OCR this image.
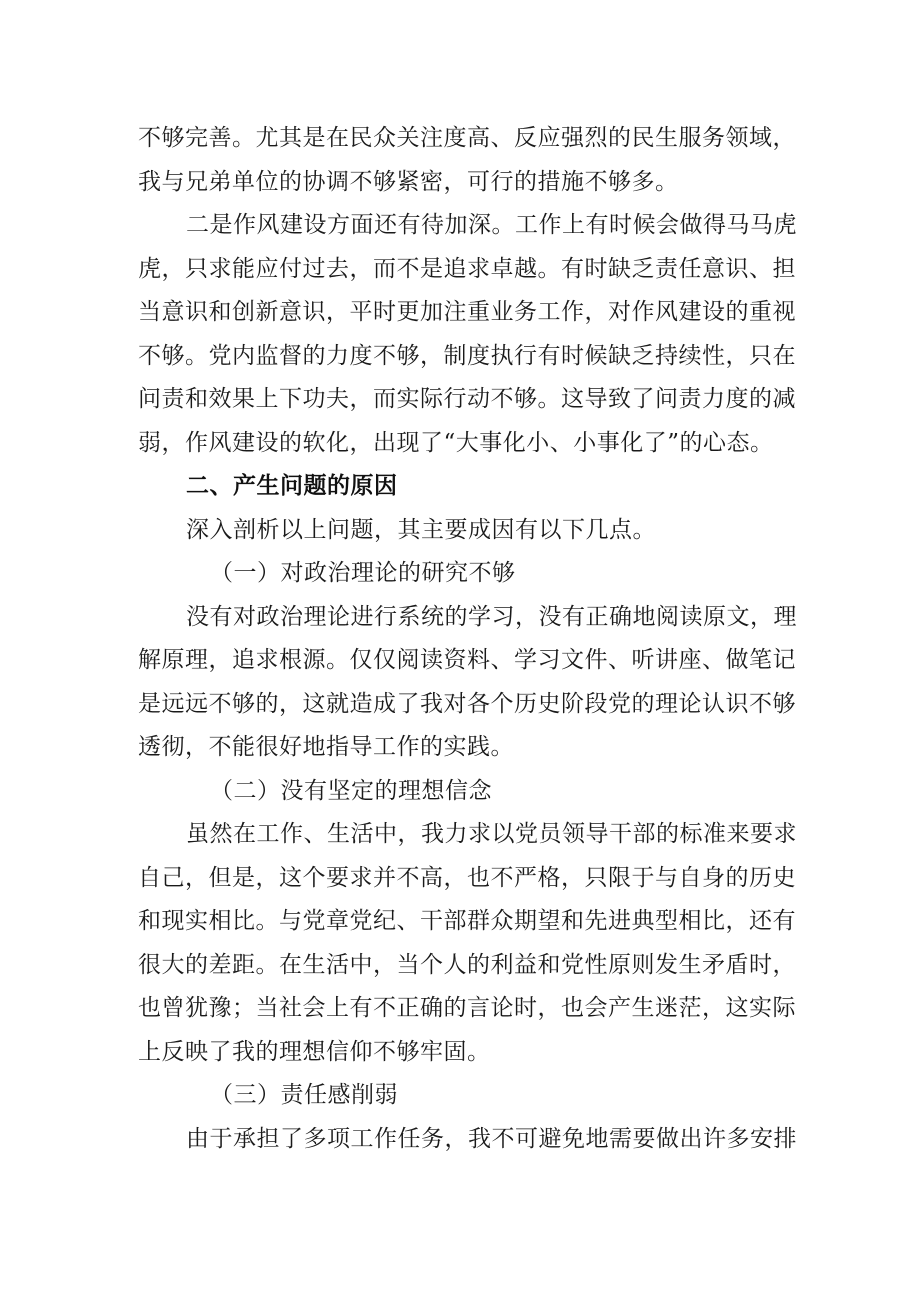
不够完善。尤其是在民众关注度高、反应强烈的民生服务领域，
我与兄弟单位的协调不够紧密，可行的措施不够多。
二是作风建设方面还有待加深。工作上有时候会做得马马虎
虎，只求能应付过去，而不是追求卓越。有时缺乏责任意识、担
当意识和创新意识，平时更加注重业务工作，对作风建设的重视
不够。党内监督的力度不够，制度执行有时候缺乏持续性，只在
问责和效果上下功夫，而实际行动不够。这导致了问责力度的减
弱，作风建设的软化，出现了“大事化小、小事化了”的心态。
二、产生问题的原因
深入剖析以上问题，其主要成因有以下几点。
（一）对政治理论的研究不够
没有对政治理论进行系统的学习，没有正确地阅读原文，理
解原理，追求根源。仅仅阅读资料、学习文件、听讲座、做笔记
是远远不够的，这就造成了我对各个历史阶段党的理论认识不够
透彻，不能很好地指导工作的实践。
（二）没有坚定的理想信念
虽然在工作、生活中，我力求以党员领导干部的标准来要求
自己，但是，这个要求并不高，也不严格，只限于与自身的历史
和现实相比。与党章党纪、干部群众期望和先进典型相比，还有
很大的差距。在生活中，当个人的利益和党性原则发生矛盾时，
也曾犹豫；当社会上有不正确的言论时，也会产生迷茫，这实际
上反映了我的理想信仰不够牢固。
（三）责任感削弱
由于承担了多项工作任务，我不可避免地需要做出许多安排
